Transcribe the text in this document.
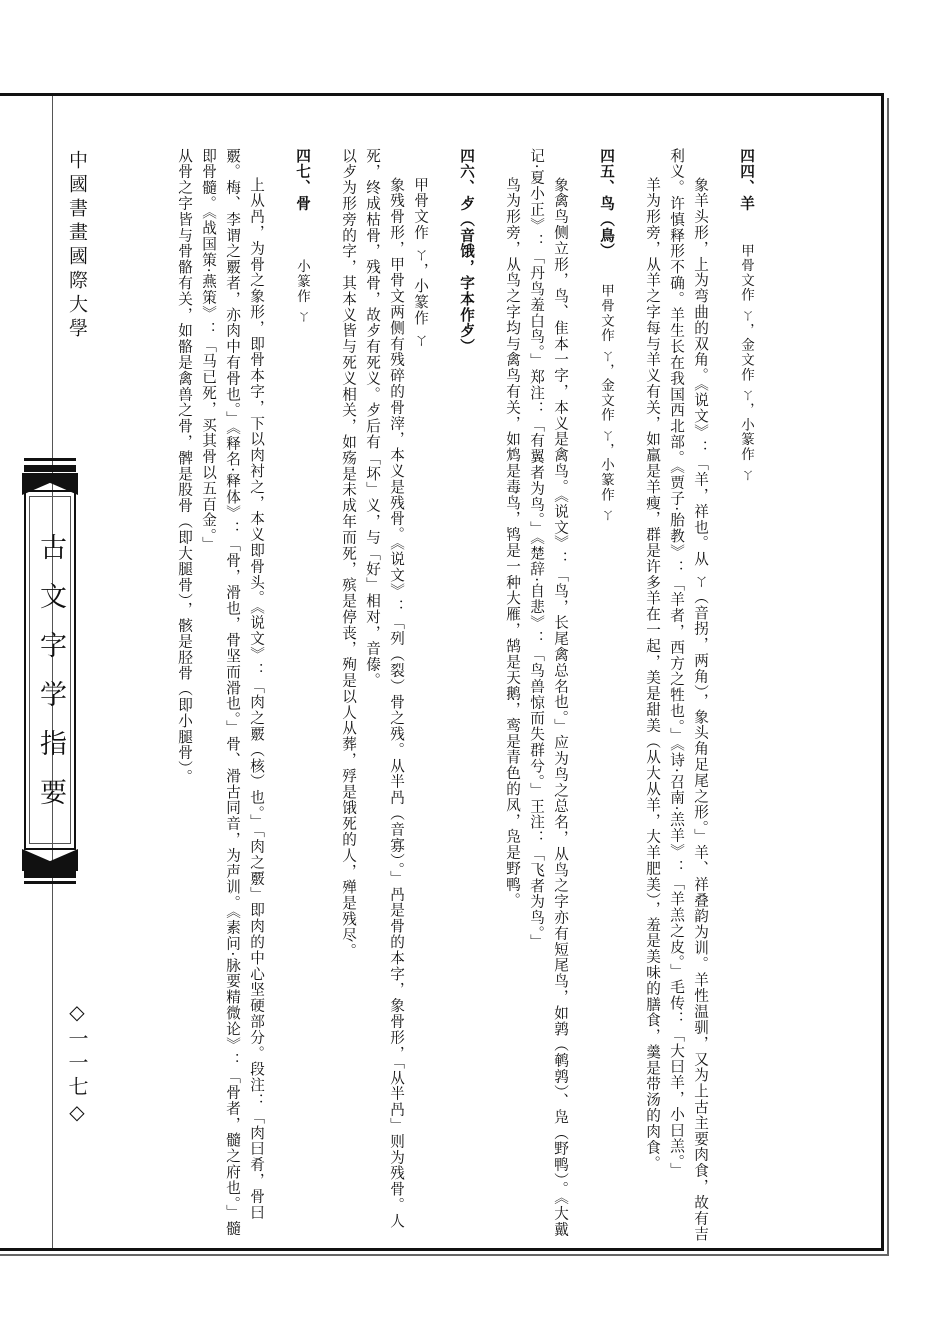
中國書畫國際大學
古文字学指要
◇一一七◇

四四、羊　　甲骨文作 ㄚ，金文作 ㄚ，小篆作 ㄚ

象羊头形，上为弯曲的双角。《说文》：「羊，祥也。从 ㄚ（音拐，两角），象头角足尾之形。」羊、祥叠韵为训。羊性温驯，又为上古主要肉食，故有吉利义。许慎释形不确。羊生长在我国西北部。《贾子·胎教》：「羊者，西方之牲也。」《诗·召南·羔羊》：「羊羔之皮。」毛传：「大曰羊，小曰羔。」

羊为形旁，从羊之字每与羊义有关，如羸是羊瘦，群是许多羊在一起，美是甜美（从大从羊，大羊肥美），羞是美味的膳食，羹是带汤的肉食。

四五、鸟（鳥）　　甲骨文作 ㄚ，金文作 ㄚ，小篆作 ㄚ

象禽鸟侧立形，鸟、隹本一字，本义是禽鸟。《说文》：「鸟，长尾禽总名也。」应为鸟之总名，从鸟之字亦有短尾鸟，如鹑（鹌鹑）、凫（野鸭）。《大戴记·夏小正》：「丹鸟羞白鸟。」郑注：「有翼者为鸟。」《楚辞·自悲》：「鸟兽惊而失群兮。」王注：「飞者为鸟。」

鸟为形旁，从鸟之字均与禽鸟有关，如鸩是毒鸟，鸨是一种大雁，鹄是天鹅，鸾是青色的凤，凫是野鸭。

四六、歺（音饿，字本作歺）

甲骨文作 ㄚ，小篆作 ㄚ

象残骨形，甲骨文两侧有残碎的骨滓，本义是残骨。《说文》：「列（裂）骨之残。从半冎（音寡）。」冎是骨的本字，象骨形，「从半冎」则为残骨。人死，终成枯骨，残骨，故歺有死义。歺后有「坏」义，与「好」相对，音傣。

以歺为形旁的字，其本义皆与死义相关，如殇是未成年而死，殡是停丧，殉是以人从葬，殍是饿死的人，殚是残尽。

四七、骨　　　小篆作 ㄚ

上从冎，为骨之象形，即骨本字，下以肉衬之，本义即骨头。《说文》：「肉之覈（核）也。」「肉之覈」即肉的中心坚硬部分。段注：「肉曰肴，骨曰覈。梅、李谓之覈者，亦肉中有骨也。」《释名·释体》：「骨，滑也，骨坚而滑也。」骨、滑古同音，为声训。《素问·脉要精微论》：「骨者，髓之府也。」髓即骨髓。《战国策·燕策》：「马已死，买其骨以五百金。」

从骨之字皆与骨骼有关，如骼是禽兽之骨，髀是股骨（即大腿骨），骸是胫骨（即小腿骨）。
